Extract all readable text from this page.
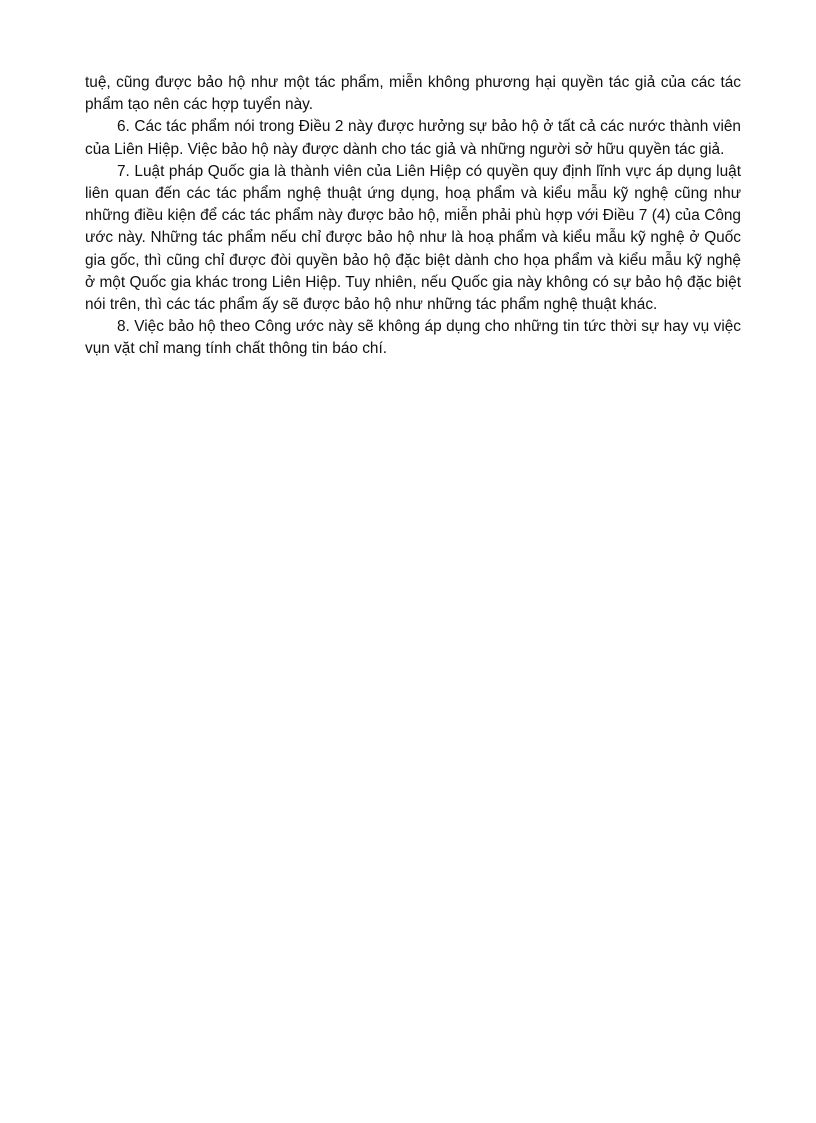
tuệ, cũng được bảo hộ như một tác phẩm, miễn không phương hại quyền tác giả của các tác phẩm tạo nên các hợp tuyển này.

6. Các tác phẩm nói trong Điều 2 này được hưởng sự bảo hộ ở tất cả các nước thành viên của Liên Hiệp. Việc bảo hộ này được dành cho tác giả và những người sở hữu quyền tác giả.

7. Luật pháp Quốc gia là thành viên của Liên Hiệp có quyền quy định lĩnh vực áp dụng luật liên quan đến các tác phẩm nghệ thuật ứng dụng, hoạ phẩm và kiểu mẫu kỹ nghệ cũng như những điều kiện để các tác phẩm này được bảo hộ, miễn phải phù hợp với Điều 7 (4) của Công ước này. Những tác phẩm nếu chỉ được bảo hộ như là hoạ phẩm và kiểu mẫu kỹ nghệ ở Quốc gia gốc, thì cũng chỉ được đòi quyền bảo hộ đặc biệt dành cho họa phẩm và kiểu mẫu kỹ nghệ ở một Quốc gia khác trong Liên Hiệp. Tuy nhiên, nếu Quốc gia này không có sự bảo hộ đặc biệt nói trên, thì các tác phẩm ấy sẽ được bảo hộ như những tác phẩm nghệ thuật khác.

8. Việc bảo hộ theo Công ước này sẽ không áp dụng cho những tin tức thời sự hay vụ việc vụn vặt chỉ mang tính chất thông tin báo chí.
